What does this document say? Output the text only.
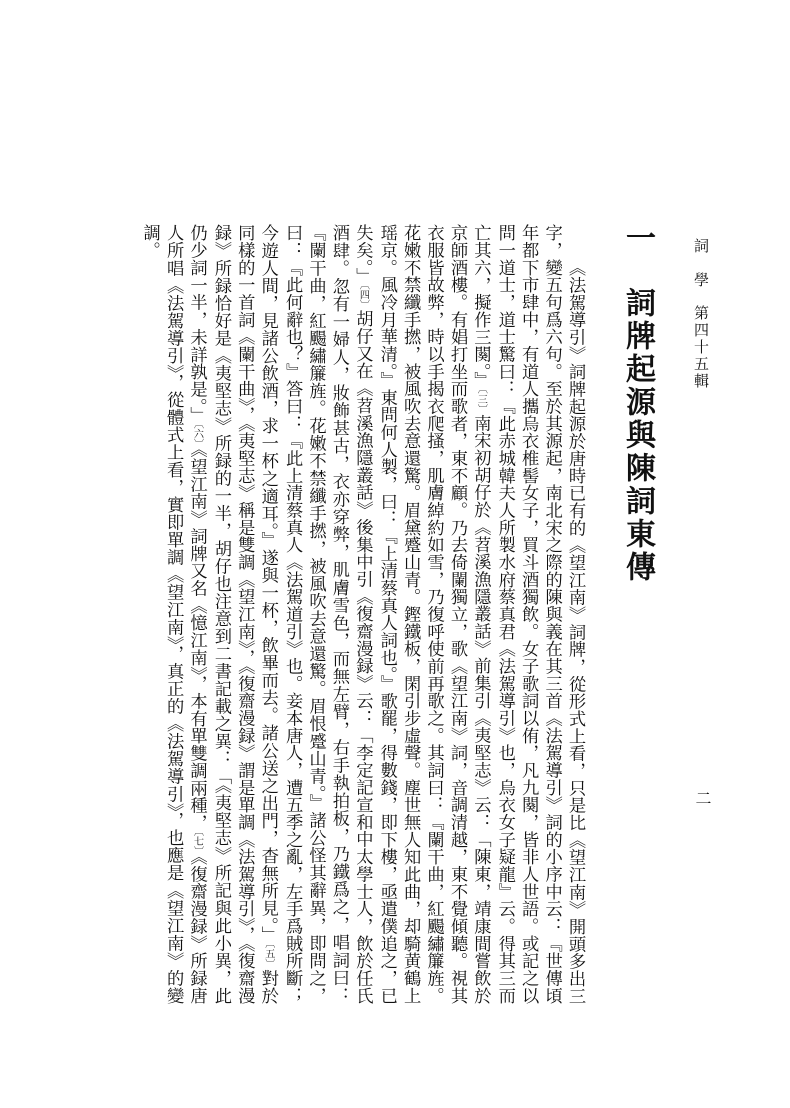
詞　學第四十五輯
二
一詞牌起源與陳詞東傳

《法駕導引》詞牌起源於唐時已有的《望江南》詞牌，從形式上看，只是比《望江南》開頭多出三字，變五句爲六句。至於其源起，南北宋之際的陳與義在其三首《法駕導引》詞的小序中云：『世傳頃年都下市肆中，有道人攜烏衣椎髻女子，買斗酒獨飲。女子歌詞以侑，凡九闋，皆非人世語。或記之以問一道士，道士驚曰：『此赤城韓夫人所製水府蔡真君《法駕導引》也，烏衣女子疑龍』云。得其三而亡其六，擬作三闋。』〔三〕南宋初胡仔於《苕溪漁隱叢話》前集引《夷堅志》云：「陳東，靖康間嘗飲於京師酒樓。有娼打坐而歌者，東不顧。乃去倚闌獨立，歌《望江南》詞，音調清越，東不覺傾聽。視其衣服皆故弊，時以手揭衣爬搔，肌膚綽約如雪，乃復呼使前再歌之。其詞曰：『闌干曲，紅颺繡簾旌。花嫩不禁纖手撚，被風吹去意還驚。眉黛蹙山青。鏗鐵板，閑引步虛聲。塵世無人知此曲，却騎黄鶴上瑶京。風冷月華清。』東問何人製，曰：『上清蔡真人詞也。』歌罷，得數錢，即下樓，亟遣僕追之，已失矣。」〔四〕胡仔又在《苕溪漁隱叢話》後集中引《復齋漫録》云：「李定記宣和中太學士人，飲於任氏酒肆。忽有一婦人，妝飾甚古，衣亦穿弊，肌膚雪色，而無左臂，右手執拍板，乃鐵爲之，唱詞曰：『闌干曲，紅颺繡簾旌。花嫩不禁纖手撚，被風吹去意還驚。眉恨蹙山青。』諸公怪其辭異，即問之，曰：『此何辭也？』答曰：『此上清蔡真人《法駕道引》也。妾本唐人，遭五季之亂，左手爲賊所斷；今遊人間，見諸公飲酒，求一杯之適耳。』遂與一杯，飲畢而去。諸公送之出門，杳無所見。」〔五〕對於同樣的一首詞《闌干曲》，《夷堅志》稱是雙調《望江南》，《復齋漫録》謂是單調《法駕導引》，《復齋漫録》所録恰好是《夷堅志》所録的一半，胡仔也注意到二書記載之異：「《夷堅志》所記與此小異，此仍少詞一半，未詳孰是。」〔六〕《望江南》詞牌又名《憶江南》，本有單雙調兩種，〔七〕《復齋漫録》所録唐人所唱《法駕導引》，從體式上看，實即單調《望江南》，真正的《法駕導引》，也應是《望江南》的變調。
